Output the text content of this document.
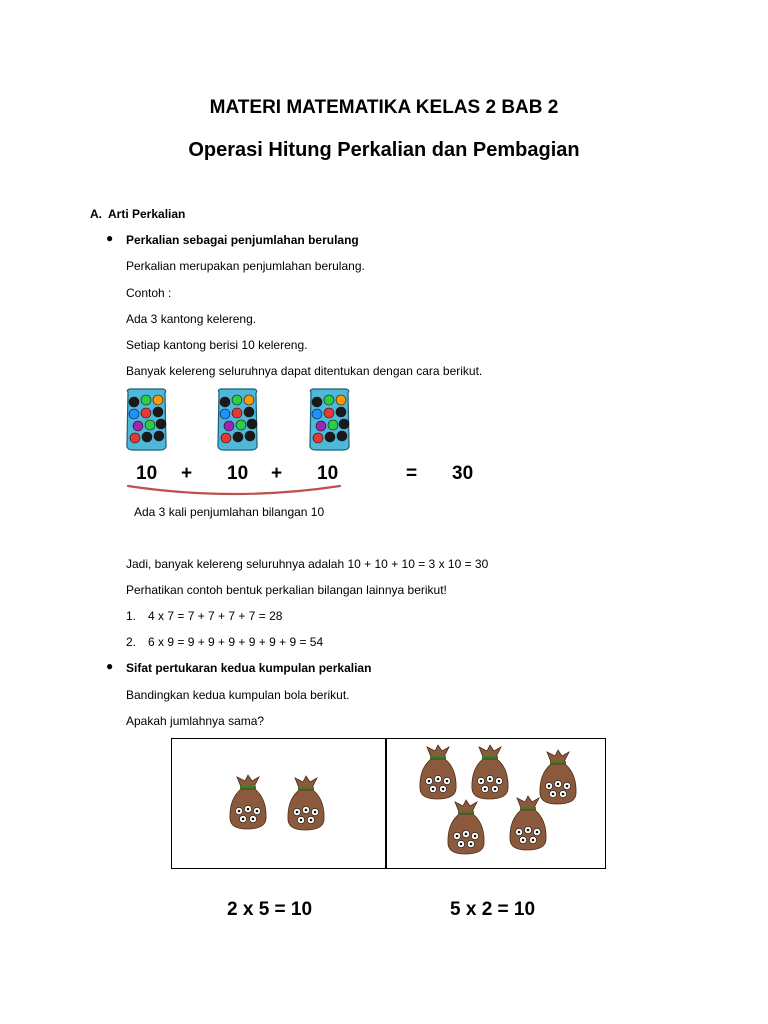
MATERI MATEMATIKA KELAS 2 BAB 2
Operasi Hitung Perkalian dan Pembagian
A. Arti Perkalian
● Perkalian sebagai penjumlahan berulang
Perkalian merupakan penjumlahan berulang.
Contoh :
Ada 3 kantong kelereng.
Setiap kantong berisi 10 kelereng.
Banyak kelereng seluruhnya dapat ditentukan dengan cara berikut.
10 + 10 + 10	= 30
Ada 3 kali penjumlahan bilangan 10
Jadi, banyak kelereng seluruhnya adalah 10 + 10 + 10 = 3 x 10 = 30
Perhatikan contoh bentuk perkalian bilangan lainnya berikut!
1. 4 x 7 = 7 + 7 + 7 + 7 = 28
2. 6 x 9 = 9 + 9 + 9 + 9 + 9 + 9 = 54
● Sifat pertukaran kedua kumpulan perkalian
Bandingkan kedua kumpulan bola berikut.
Apakah jumlahnya sama?
2 x 5 = 10	5 x 2 = 10
